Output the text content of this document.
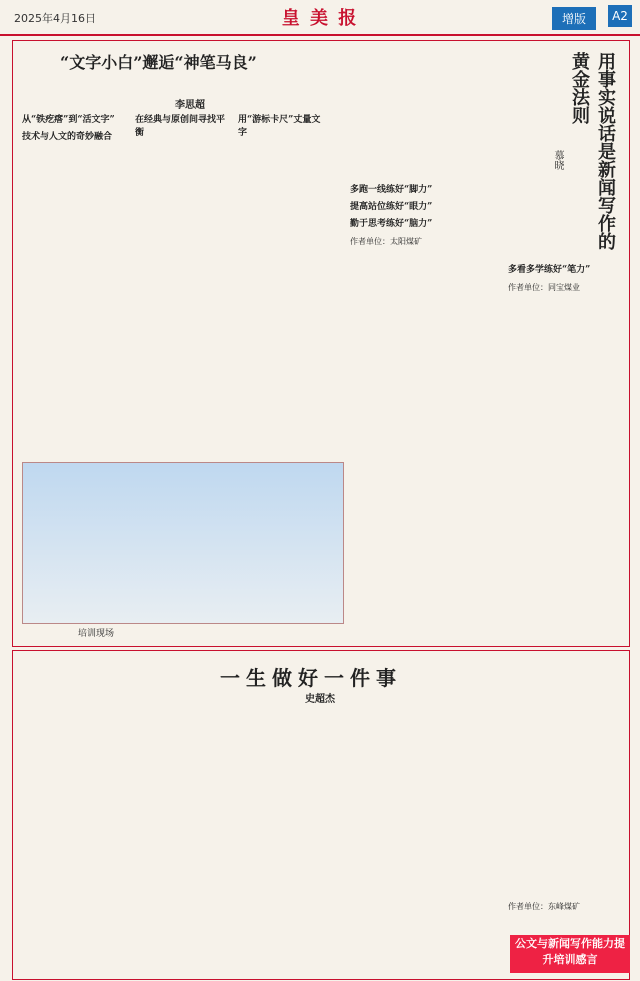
2025年4月16日	皇 美 报	增版	A2
“文字小白”邂逅“神笔马良”
李思超
从“铁疙瘩”到“活文字”
技术与人文的奇妙融合
在经典与原创间寻找平衡
用“游标卡尺”丈量文字
多跑一线练好“脚力”
提高站位练好“眼力”
勤于思考练好“脑力”
作者单位：太阳煤矿
培训现场
用事实说话是新闻写作的黄金法则
慕晓
多看多学练好“笔力”
作者单位：同宝煤业
一生做好一件事
史超杰
作者单位：东峰煤矿
公文与新闻写作能力提升培训感言
